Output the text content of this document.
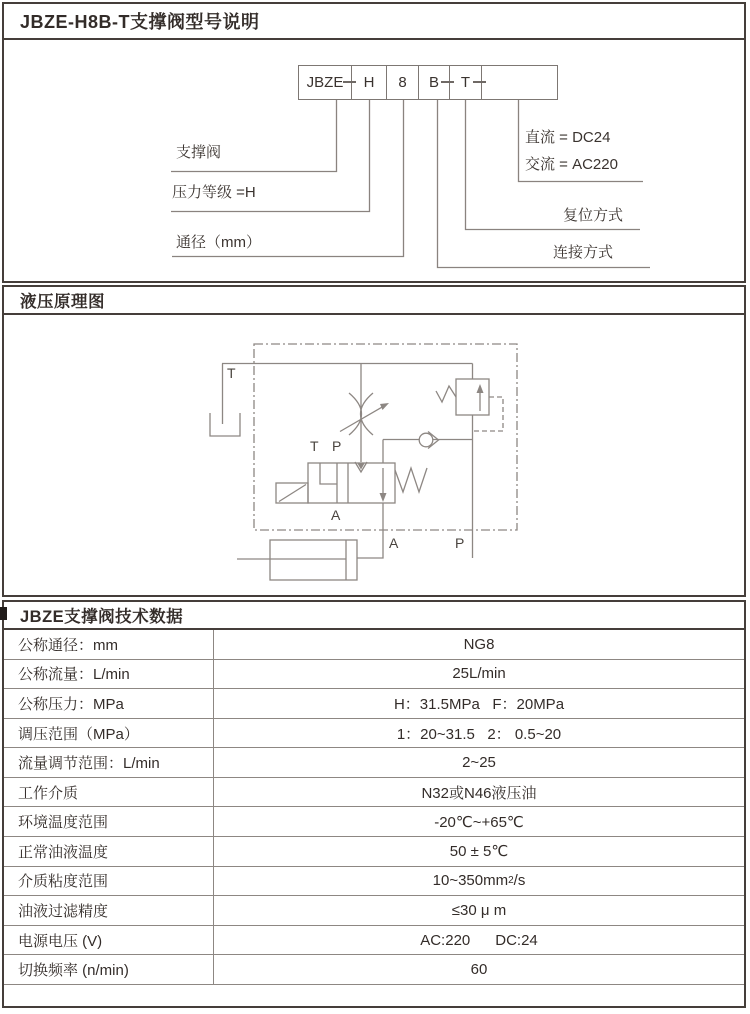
JBZE-H8B-T支撑阀型号说明
液压原理图
JBZE支撑阀技术数据
公称通径：mm	NG8
公称流量：L/min	25L/min
公称压力：MPa	H：31.5MPa   F：20MPa
调压范围（MPa）	1：20~31.5   2： 0.5~20
流量调节范围：L/min	2~25
工作介质	N32或N46液压油
环境温度范围	-20℃~+65℃
正常油液温度	50 ± 5℃
介质粘度范围	10~350mm 2 /s
油液过滤精度	≤30 μ m
电源电压 (V)	AC:220      DC:24
切换频率 (n/min)	60
JBZE	H	8	B	T
支撑阀
压力等级 =H
通径（mm）
直流 = DC24
交流 = AC220
复位方式
连接方式
T
T P
A
A	P
